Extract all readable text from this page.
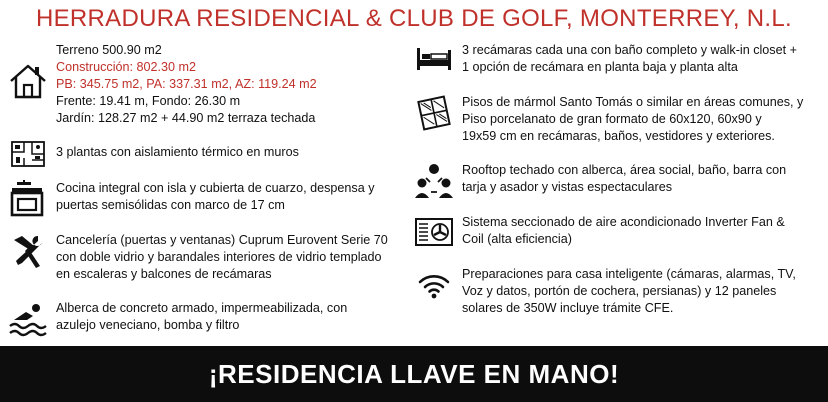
HERRADURA RESIDENCIAL & CLUB DE GOLF, MONTERREY, N.L.
Terreno 500.90 m2
Construcción: 802.30 m2
PB: 345.75 m2, PA: 337.31 m2, AZ: 119.24 m2
Frente: 19.41 m, Fondo: 26.30 m
Jardín: 128.27 m2 + 44.90 m2 terraza techada
3 plantas con aislamiento térmico en muros
Cocina integral con isla y cubierta de cuarzo, despensa y
puertas semisólidas con marco de 17 cm
Cancelería (puertas y ventanas) Cuprum Eurovent Serie 70
con doble vidrio y barandales interiores de vidrio templado
en escaleras y balcones de recámaras
Alberca de concreto armado, impermeabilizada, con
azulejo veneciano, bomba y filtro
3 recámaras cada una con baño completo y walk-in closet +
1 opción de recámara en planta baja y planta alta
Pisos de mármol Santo Tomás o similar en áreas comunes, y
Piso porcelanato de gran formato de 60x120, 60x90 y
19x59 cm en recámaras, baños, vestidores y exteriores.
Rooftop techado con alberca, área social, baño, barra con
tarja y asador y vistas espectaculares
Sistema seccionado de aire acondicionado Inverter Fan &
Coil (alta eficiencia)
Preparaciones para casa inteligente (cámaras, alarmas, TV,
Voz y datos, portón de cochera, persianas) y 12 paneles
solares de 350W incluye trámite CFE.
¡RESIDENCIA LLAVE EN MANO!
